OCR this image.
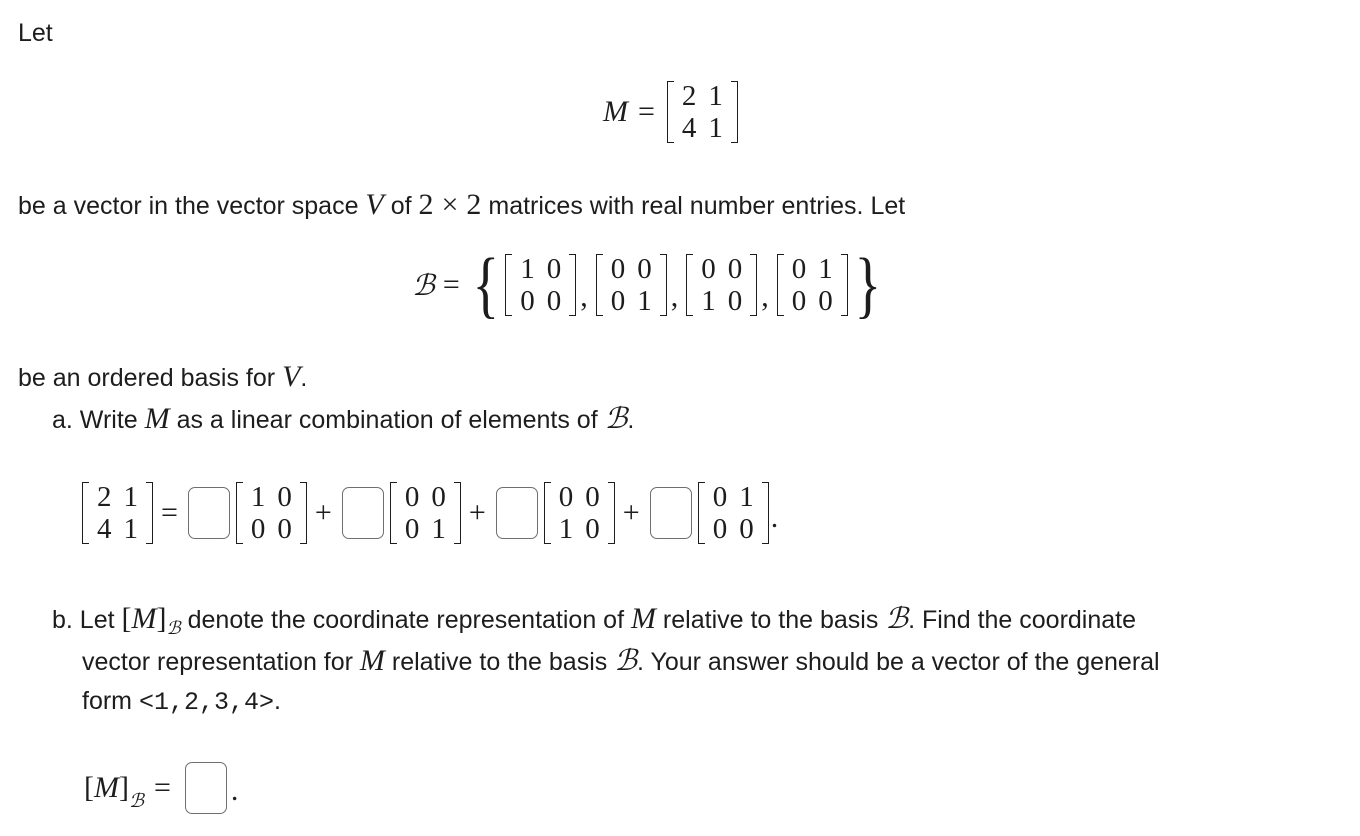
Let
M = 2	1
4	1
be a vector in the vector space V of 2 × 2 matrices with real number entries. Let
ℬ = { 1	0
0	0 ,
0	0
0	1 ,
0	0
1	0 ,
0	1
0	0 }
be an ordered basis for V.
a. Write M as a linear combination of elements of ℬ.
2	1
4	1 =	1	0
0	0 +	0	0
0	1 +	0	0
1	0 +	0	1
0	0 .
b. Let $[M]_ℬ$ denote the coordinate representation of M relative to the basis ℬ. Find the coordinate
vector representation for M relative to the basis ℬ. Your answer should be a vector of the general
form <1,2,3,4>.
[ M ] ℬ =	.
